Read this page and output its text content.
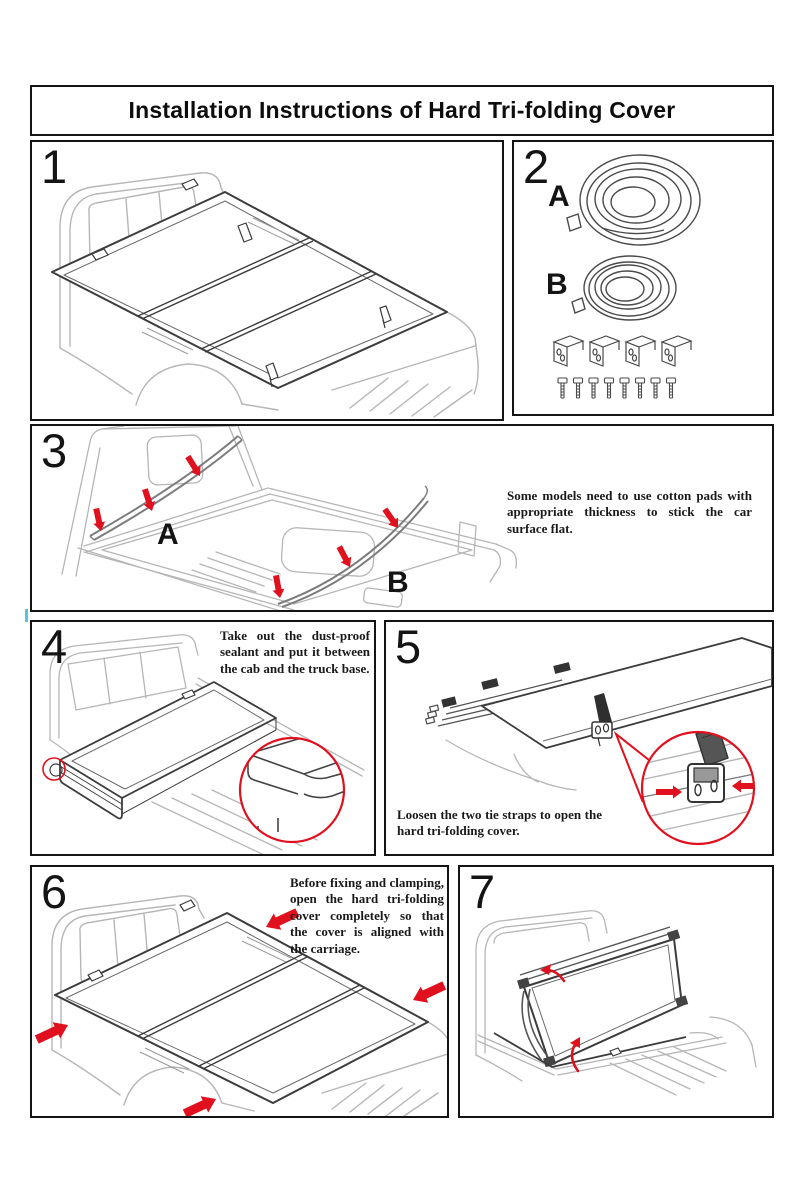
Installation Instructions of Hard Tri-folding Cover
1	2
A
B
3
A
B
Some models need to use cotton pads with appropriate thickness to stick the car surface flat.
4	Take out the dust-proof sealant and put it between the cab and the truck base. 5
Loosen the two tie straps to open the hard tri-folding cover.
6	Before fixing and clamping, open the hard tri-folding cover completely so that the cover is aligned with the carriage.
7
